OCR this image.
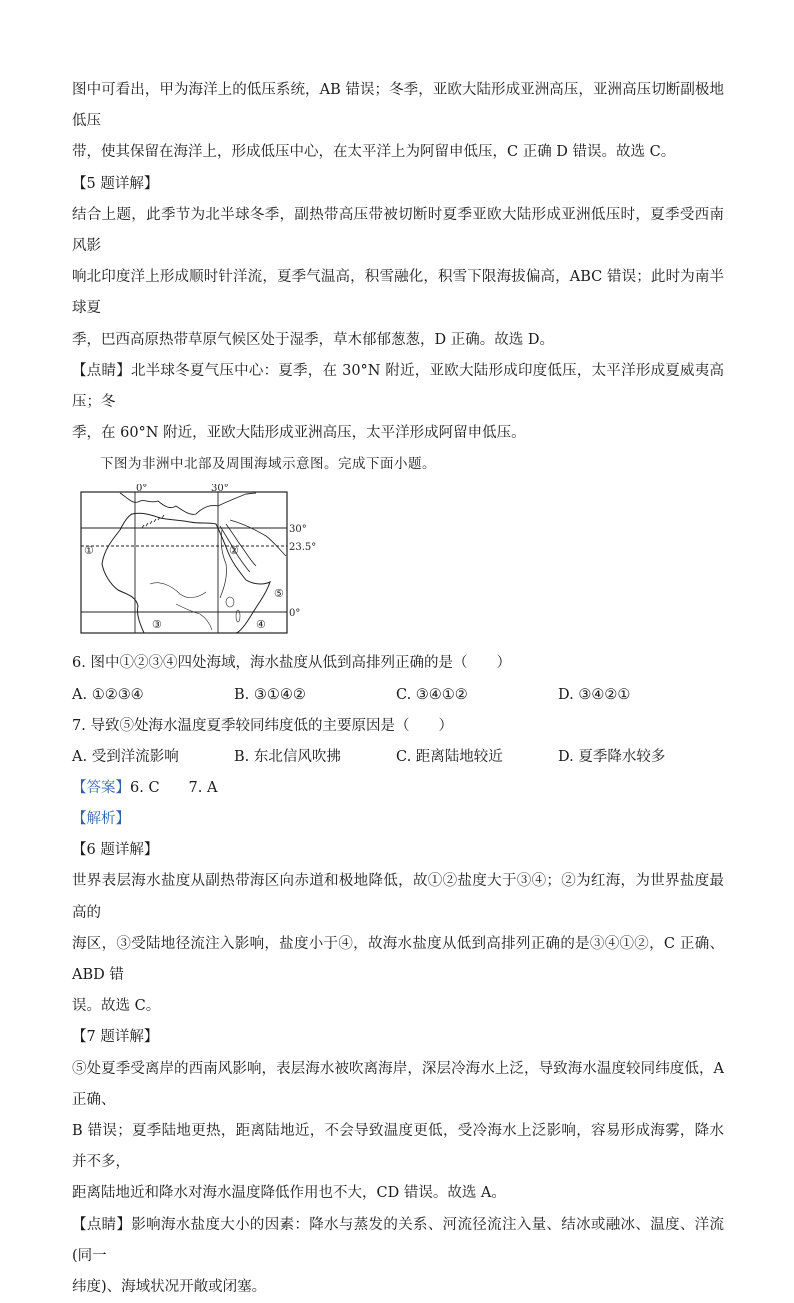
图中可看出，甲为海洋上的低压系统，AB 错误；冬季，亚欧大陆形成亚洲高压，亚洲高压切断副极地低压

带，使其保留在海洋上，形成低压中心，在太平洋上为阿留申低压，C 正确 D 错误。故选 C。

【5 题详解】

结合上题，此季节为北半球冬季，副热带高压带被切断时夏季亚欧大陆形成亚洲低压时，夏季受西南风影

响北印度洋上形成顺时针洋流，夏季气温高，积雪融化，积雪下限海拔偏高，ABC 错误；此时为南半球夏

季，巴西高原热带草原气候区处于湿季，草木郁郁葱葱，D 正确。故选 D。

【点睛】北半球冬夏气压中心：夏季，在 30°N 附近，亚欧大陆形成印度低压，太平洋形成夏威夷高压；冬

季，在 60°N 附近，亚欧大陆形成亚洲高压，太平洋形成阿留申低压。

下图为非洲中北部及周围海域示意图。完成下面小题。

①	②
③	④
⑤
0°	30°
30°
23.5°
0°

6. 图中①②③④四处海域，海水盐度从低到高排列正确的是（　　）

A. ①②③④	B. ③①④②	C. ③④①②	D. ③④②①

7. 导致⑤处海水温度夏季较同纬度低的主要原因是（　　）

A. 受到洋流影响	B. 东北信风吹拂	C. 距离陆地较近	D. 夏季降水较多

【答案】6. C　　7. A

【解析】

【6 题详解】

世界表层海水盐度从副热带海区向赤道和极地降低，故①②盐度大于③④；②为红海，为世界盐度最高的

海区，③受陆地径流注入影响，盐度小于④，故海水盐度从低到高排列正确的是③④①②，C 正确、ABD 错

误。故选 C。

【7 题详解】

⑤处夏季受离岸的西南风影响，表层海水被吹离海岸，深层冷海水上泛，导致海水温度较同纬度低，A 正确、

B 错误；夏季陆地更热，距离陆地近，不会导致温度更低，受冷海水上泛影响，容易形成海雾，降水并不多，

距离陆地近和降水对海水温度降低作用也不大，CD 错误。故选 A。

【点睛】影响海水盐度大小的因素：降水与蒸发的关系、河流径流注入量、结冰或融冰、温度、洋流(同一

纬度)、海域状况开敞或闭塞。
